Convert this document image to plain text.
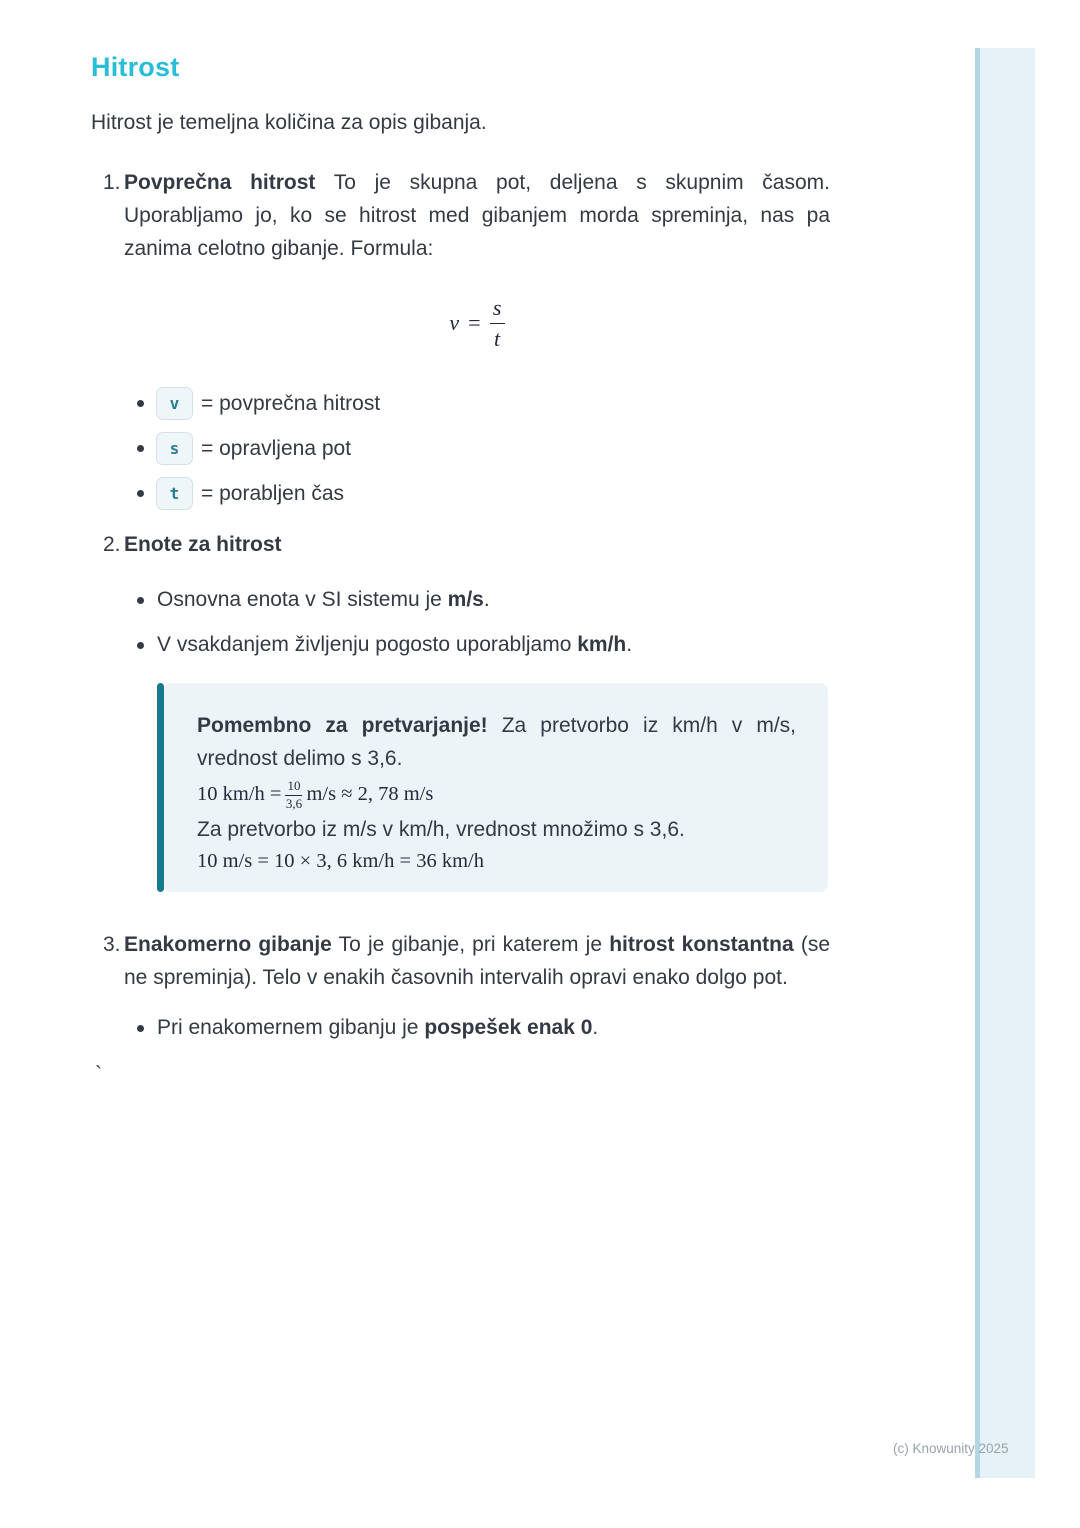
(c) Knowunity 2025
Hitrost

Hitrost je temeljna količina za opis gibanja.

1. Povprečna hitrost To je skupna pot, deljena s skupnim časom. Uporabljamo jo, ko se hitrost med gibanjem morda spreminja, nas pa zanima celotno gibanje. Formula:

v =
s
t
v	= povprečna hitrost
s	= opravljena pot
t	= porabljen čas
2. Enote za hitrost
Osnovna enota v SI sistemu je m/s.
V vsakdanjem življenju pogosto uporabljamo km/h.

Pomembno za pretvarjanje! Za pretvorbo iz km/h v m/s, vrednost delimo s 3,6.

10 $km/h = \frac{10}{3,6} m/s \approx 2$, 78 m/s

Za pretvorbo iz m/s v km/h, vrednost množimo s 3,6.

10 m/s = 10 × 3, 6 km/h = 36 km/h
3. Enakomerno gibanje To je gibanje, pri katerem je hitrost konstantna (se ne spreminja). Telo v enakih časovnih intervalih opravi enako dolgo pot.

Pri enakomernem gibanju je pospešek enak 0.
`
